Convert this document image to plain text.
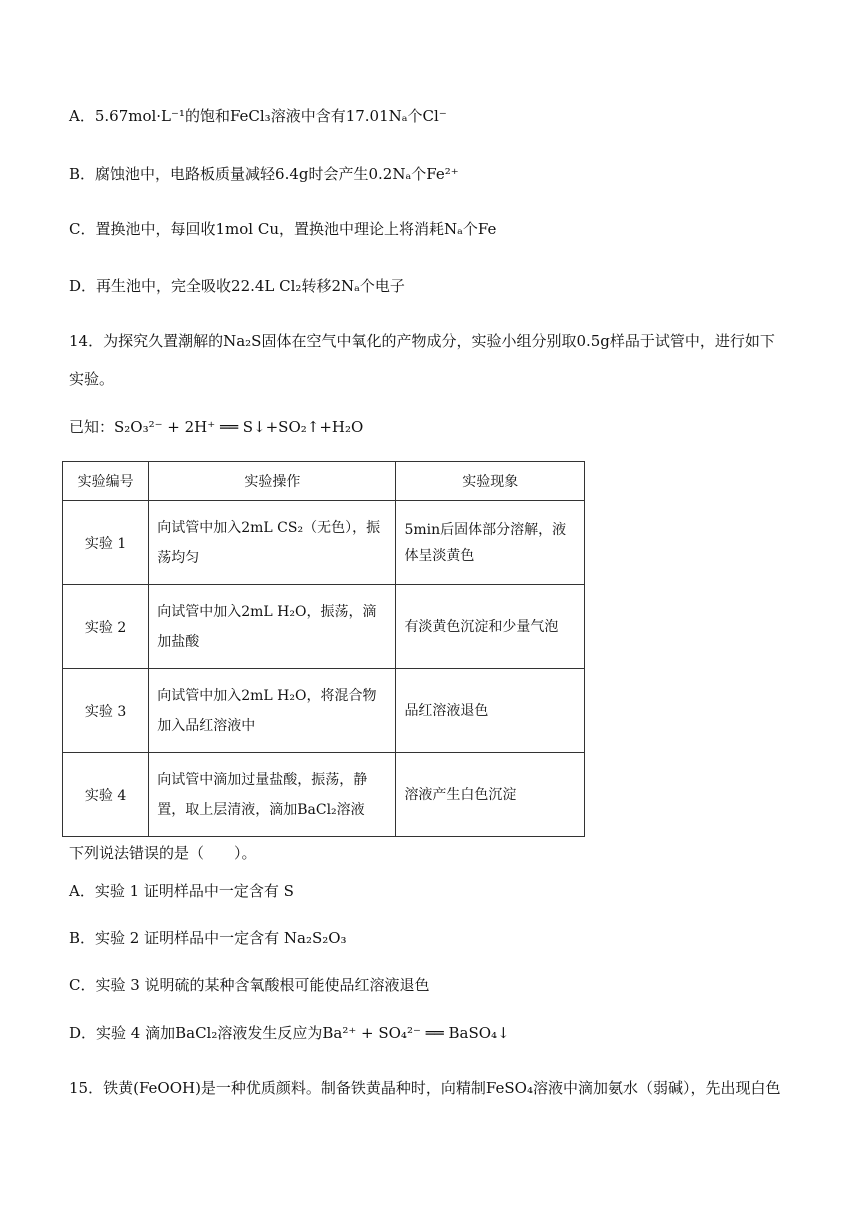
A．5.67mol·L⁻¹的饱和FeCl₃溶液中含有17.01Nₐ个Cl⁻
B．腐蚀池中，电路板质量减轻6.4g时会产生0.2Nₐ个Fe²⁺
C．置换池中，每回收1mol Cu，置换池中理论上将消耗Nₐ个Fe
D．再生池中，完全吸收22.4L Cl₂转移2Nₐ个电子
14．为探究久置潮解的Na₂S固体在空气中氧化的产物成分，实验小组分别取0.5g样品于试管中，进行如下
实验。
已知：S₂O₃²⁻ + 2H⁺ ══ S↓+SO₂↑+H₂O
实验编号	实验操作	实验现象
实验 1	向试管中加入2mL CS₂（无色），振荡均匀	5min后固体部分溶解，液体呈淡黄色
实验 2	向试管中加入2mL H₂O，振荡，滴加盐酸	有淡黄色沉淀和少量气泡
实验 3	向试管中加入2mL H₂O，将混合物加入品红溶液中	品红溶液退色
实验 4	向试管中滴加过量盐酸，振荡，静置，取上层清液，滴加BaCl₂溶液	溶液产生白色沉淀
下列说法错误的是（　　）。
A．实验 1 证明样品中一定含有 S
B．实验 2 证明样品中一定含有 Na₂S₂O₃
C．实验 3 说明硫的某种含氧酸根可能使品红溶液退色
D．实验 4 滴加BaCl₂溶液发生反应为Ba²⁺ + SO₄²⁻ ══ BaSO₄↓
15．铁黄(FeOOH)是一种优质颜料。制备铁黄晶种时，向精制FeSO₄溶液中滴加氨水（弱碱），先出现白色
